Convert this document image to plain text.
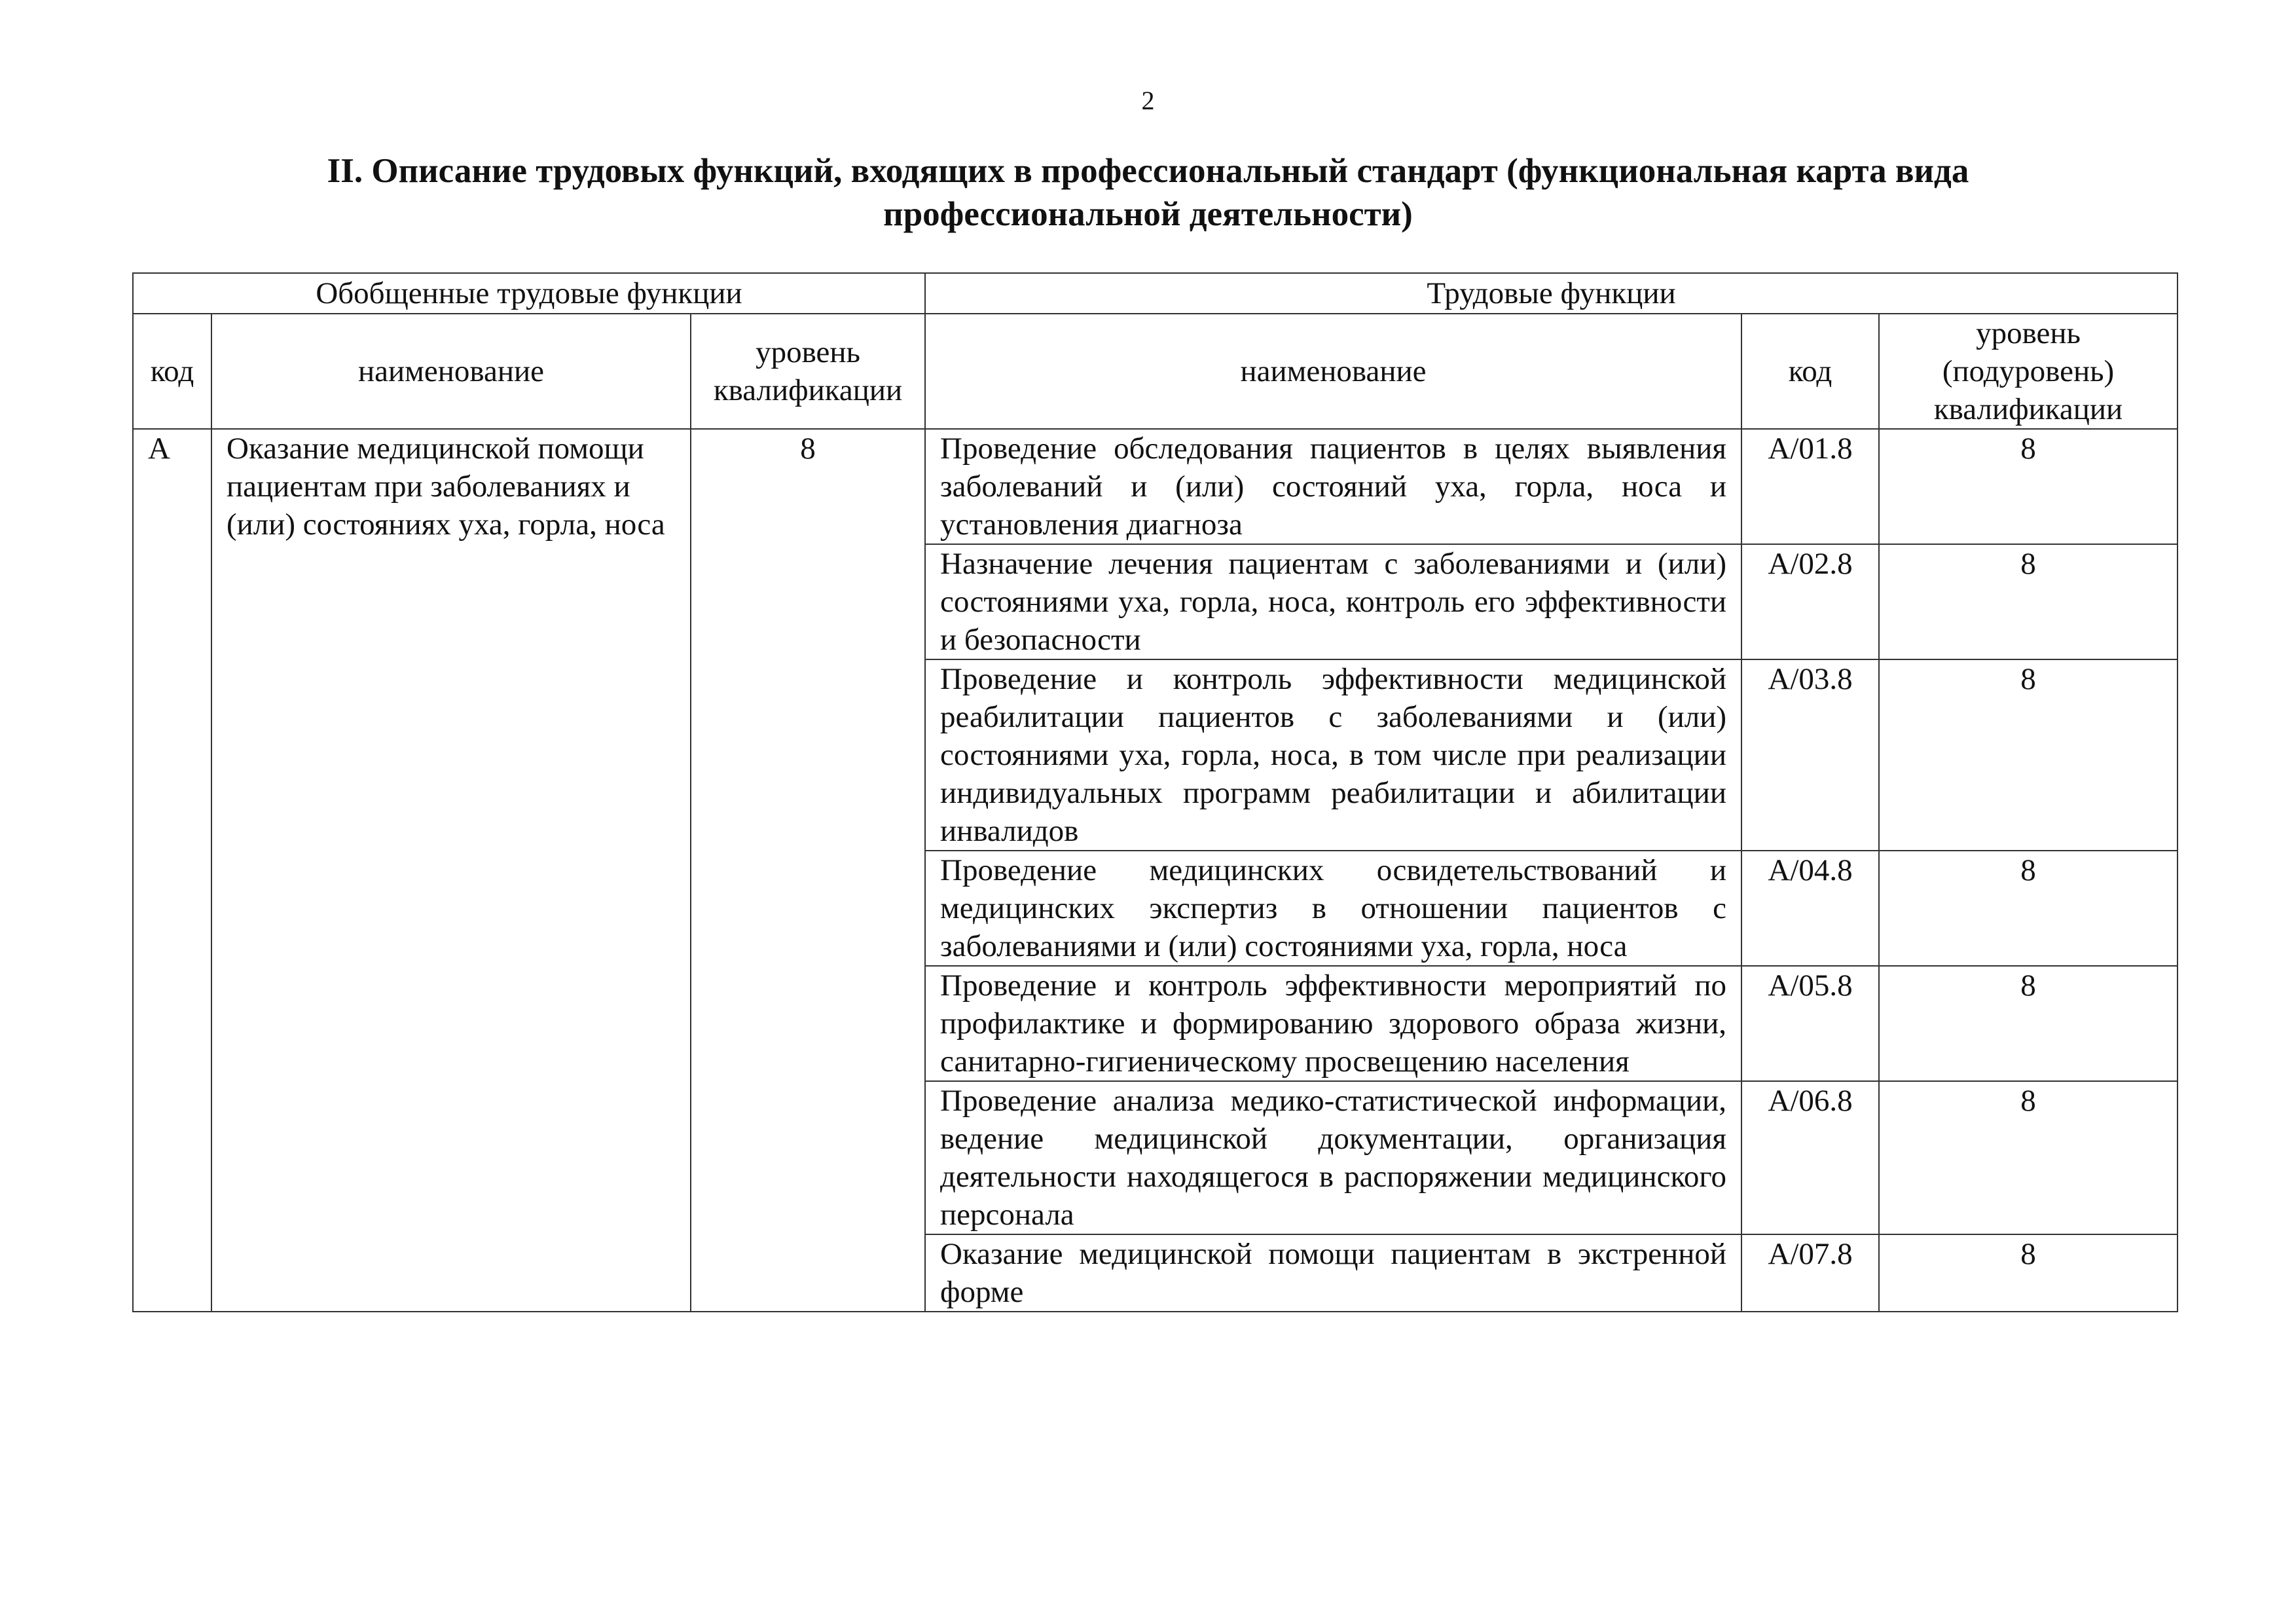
2
II. Описание трудовых функций, входящих в профессиональный стандарт (функциональная карта вида
профессиональной деятельности)
Обобщенные трудовые функции			Трудовые функции		
код	наименование	уровень квалификации	наименование	код	уровень (подуровень) квалификации
А	Оказание медицинской помощи пациентам при заболеваниях и (или) состояниях уха, горла, носа	8	Проведение обследования пациентов в целях выявления заболеваний и (или) состояний уха, горла, носа и установления диагноза	A/01.8	8
			Назначение лечения пациентам с заболеваниями и (или) состояниями уха, горла, носа, контроль его эффективности и безопасности	A/02.8	8
			Проведение и контроль эффективности медицинской реабилитации пациентов с заболеваниями и (или) состояниями уха, горла, носа, в том числе при реализации индивидуальных программ реабилитации и абилитации инвалидов	A/03.8	8
			Проведение медицинских освидетельствований и медицинских экспертиз в отношении пациентов с заболеваниями и (или) состояниями уха, горла, носа	A/04.8	8
			Проведение и контроль эффективности мероприятий по профилактике и формированию здорового образа жизни, санитарно-гигиеническому просвещению населения	A/05.8	8
			Проведение анализа медико-статистической информации, ведение медицинской документации, организация деятельности находящегося в распоряжении медицинского персонала	A/06.8	8
			Оказание медицинской помощи пациентам в экстренной форме	A/07.8	8
